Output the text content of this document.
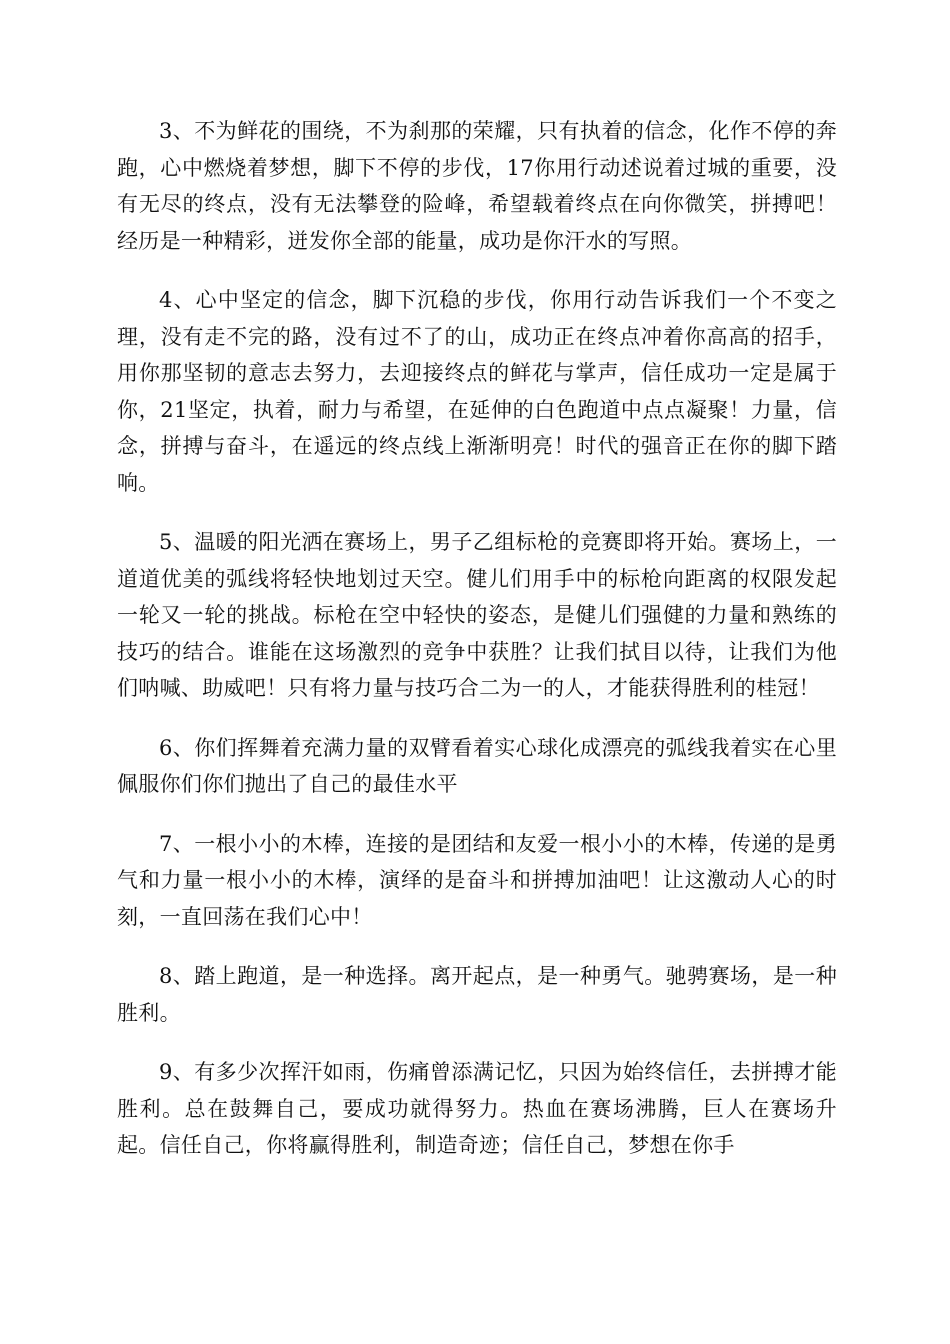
3、不为鲜花的围绕，不为刹那的荣耀，只有执着的信念，化作不停的奔跑，心中燃烧着梦想，脚下不停的步伐，17你用行动述说着过城的重要，没有无尽的终点，没有无法攀登的险峰，希望载着终点在向你微笑，拼搏吧！经历是一种精彩，迸发你全部的能量，成功是你汗水的写照。

4、心中坚定的信念，脚下沉稳的步伐，你用行动告诉我们一个不变之理，没有走不完的路，没有过不了的山，成功正在终点冲着你高高的招手，用你那坚韧的意志去努力，去迎接终点的鲜花与掌声，信任成功一定是属于你，21坚定，执着，耐力与希望，在延伸的白色跑道中点点凝聚！力量，信念，拼搏与奋斗，在遥远的终点线上渐渐明亮！时代的强音正在你的脚下踏响。

5、温暖的阳光洒在赛场上，男子乙组标枪的竞赛即将开始。赛场上，一道道优美的弧线将轻快地划过天空。健儿们用手中的标枪向距离的权限发起一轮又一轮的挑战。标枪在空中轻快的姿态，是健儿们强健的力量和熟练的技巧的结合。谁能在这场激烈的竞争中获胜？让我们拭目以待，让我们为他们呐喊、助威吧！只有将力量与技巧合二为一的人，才能获得胜利的桂冠！

6、你们挥舞着充满力量的双臂看着实心球化成漂亮的弧线我着实在心里佩服你们你们抛出了自己的最佳水平

7、一根小小的木棒，连接的是团结和友爱一根小小的木棒，传递的是勇气和力量一根小小的木棒，演绎的是奋斗和拼搏加油吧！让这激动人心的时刻，一直回荡在我们心中！

8、踏上跑道，是一种选择。离开起点，是一种勇气。驰骋赛场，是一种胜利。

9、有多少次挥汗如雨，伤痛曾添满记忆，只因为始终信任，去拼搏才能胜利。总在鼓舞自己，要成功就得努力。热血在赛场沸腾，巨人在赛场升起。信任自己，你将赢得胜利，制造奇迹；信任自己，梦想在你手
